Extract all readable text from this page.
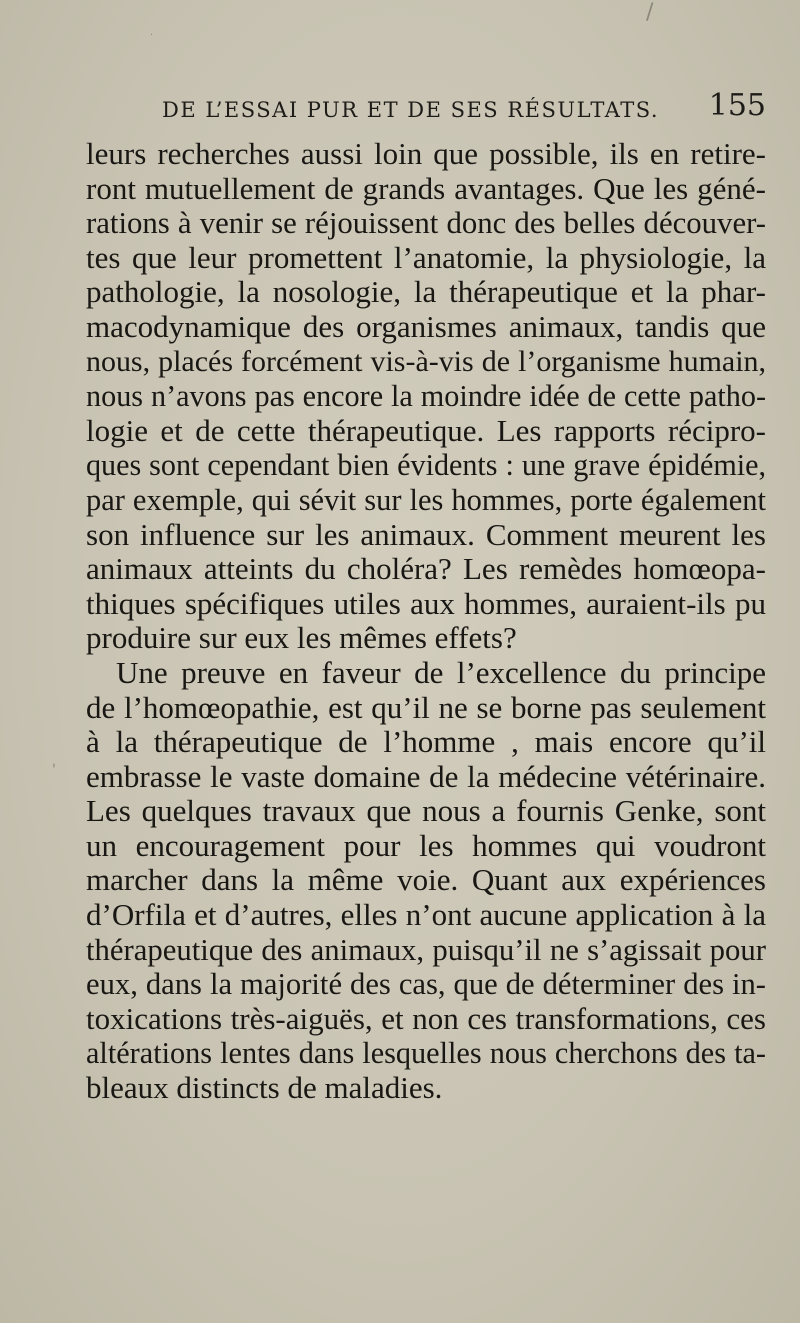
/
·
'
DE L’ESSAI PUR ET DE SES RÉSULTATS. 155
leurs recherches aussi loin que possible, ils en retire-
ront mutuellement de grands avantages. Que les géné-
rations à venir se réjouissent donc des belles découver-
tes que leur promettent l’anatomie, la physiologie, la
pathologie, la nosologie, la thérapeutique et la phar-
macodynamique des organismes animaux, tandis que
nous, placés forcément vis-à-vis de l’organisme humain,
nous n’avons pas encore la moindre idée de cette patho-
logie et de cette thérapeutique. Les rapports récipro-
ques sont cependant bien évidents : une grave épidémie,
par exemple, qui sévit sur les hommes, porte également
son influence sur les animaux. Comment meurent les
animaux atteints du choléra? Les remèdes homœopa-
thiques spécifiques utiles aux hommes, auraient-ils pu
produire sur eux les mêmes effets?
Une preuve en faveur de l’excellence du principe
de l’homœopathie, est qu’il ne se borne pas seulement
à la thérapeutique de l’homme , mais encore qu’il
embrasse le vaste domaine de la médecine vétérinaire.
Les quelques travaux que nous a fournis Genke, sont
un encouragement pour les hommes qui voudront
marcher dans la même voie. Quant aux expériences
d’Orfila et d’autres, elles n’ont aucune application à la
thérapeutique des animaux, puisqu’il ne s’agissait pour
eux, dans la majorité des cas, que de déterminer des in-
toxications très-aiguës, et non ces transformations, ces
altérations lentes dans lesquelles nous cherchons des ta-
bleaux distincts de maladies.
